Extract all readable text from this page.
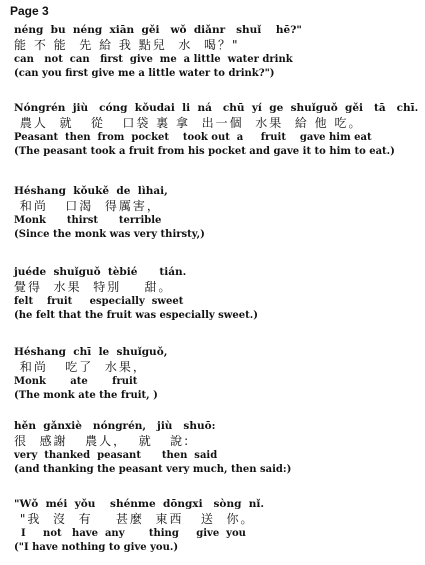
Page 3
néng  bu  néng  xiān  gěi   wǒ  diǎnr   shuǐ    hē?"
能 不 能  先 給 我 點兒  水  喝？"
can   not  can   first  give  me  a little  water drink
(can you first give me a little water to drink?")
Nóngrén  jiù   cóng  kǒudai  li  ná   chū  yí  ge  shuǐguǒ  gěi   tā   chī.
農人  就   從   口袋 裏 拿  出一個  水果  給 他 吃。
Peasant  then  from  pocket    took out  a     fruit    gave him eat
(The peasant took a fruit from his pocket and gave it to him to eat.)
Héshang  kǒukě  de  lìhai,
和尚   口渴  得厲害，
Monk      thirst      terrible
(Since the monk was very thirsty,)
juéde  shuǐguǒ  tèbié      tián.
覺得  水果  特別    甜。
felt    fruit     especially  sweet
(he felt that the fruit was especially sweet.)
Héshang  chī  le  shuǐguǒ,
和尚   吃了  水果，
Monk       ate       fruit
(The monk ate the fruit, )
hěn  gǎnxiè   nóngrén,   jiù   shuō:
很  感謝   農人，  就   說:
very  thanked  peasant      then  said
(and thanking the peasant very much, then said:)
"Wǒ  méi  yǒu    shénme  dōngxi   sòng  nǐ.
"我  沒  有    甚麼  東西   送  你。
I     not   have  any       thing     give  you
("I have nothing to give you.)
